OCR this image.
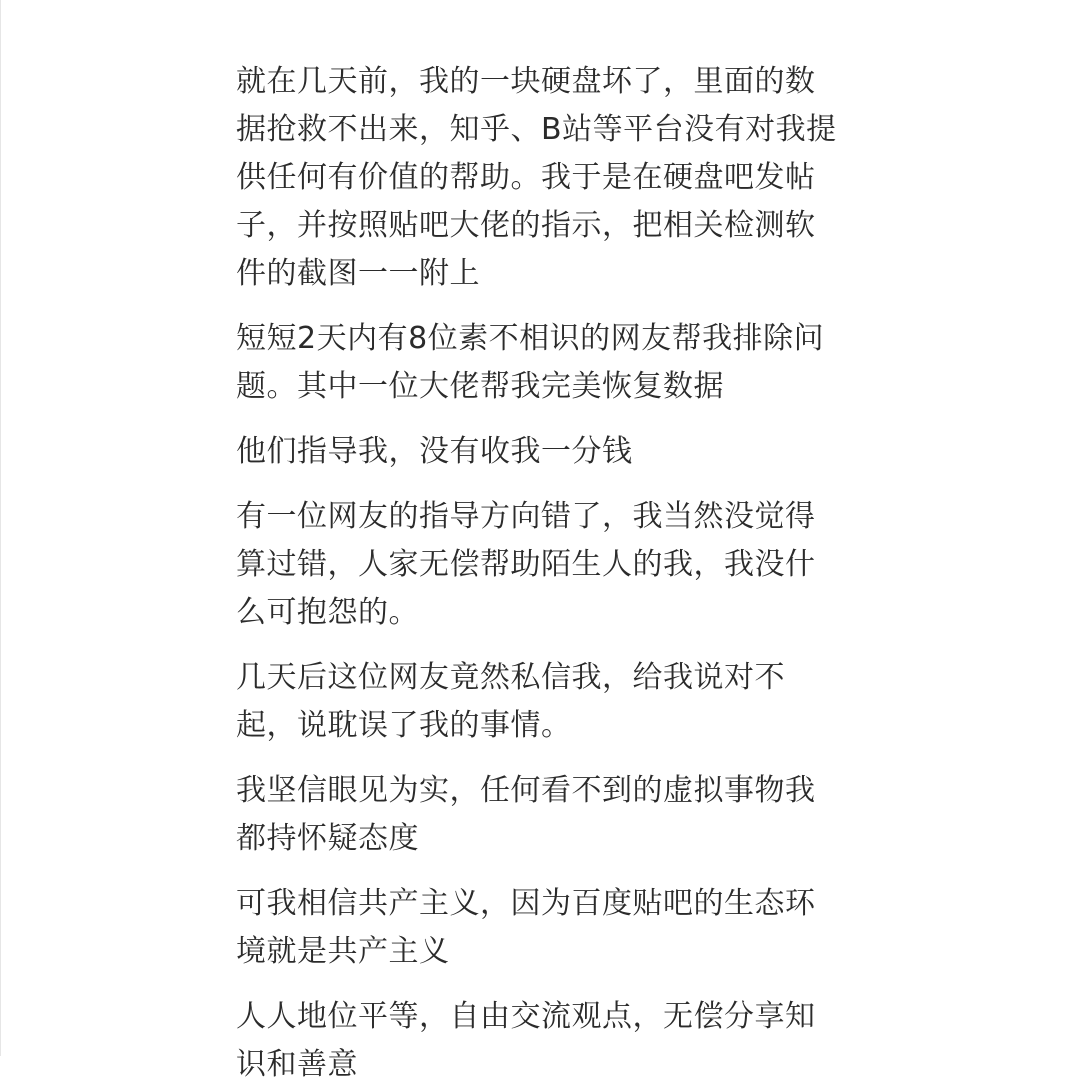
就在几天前，我的一块硬盘坏了，里面的数
据抢救不出来，知乎、B站等平台没有对我提
供任何有价值的帮助。我于是在硬盘吧发帖
子，并按照贴吧大佬的指示，把相关检测软
件的截图一一附上

短短2天内有8位素不相识的网友帮我排除问
题。其中一位大佬帮我完美恢复数据

他们指导我，没有收我一分钱

有一位网友的指导方向错了，我当然没觉得
算过错，人家无偿帮助陌生人的我，我没什
么可抱怨的。

几天后这位网友竟然私信我，给我说对不
起，说耽误了我的事情。

我坚信眼见为实，任何看不到的虚拟事物我
都持怀疑态度

可我相信共产主义，因为百度贴吧的生态环
境就是共产主义

人人地位平等，自由交流观点，无偿分享知
识和善意
